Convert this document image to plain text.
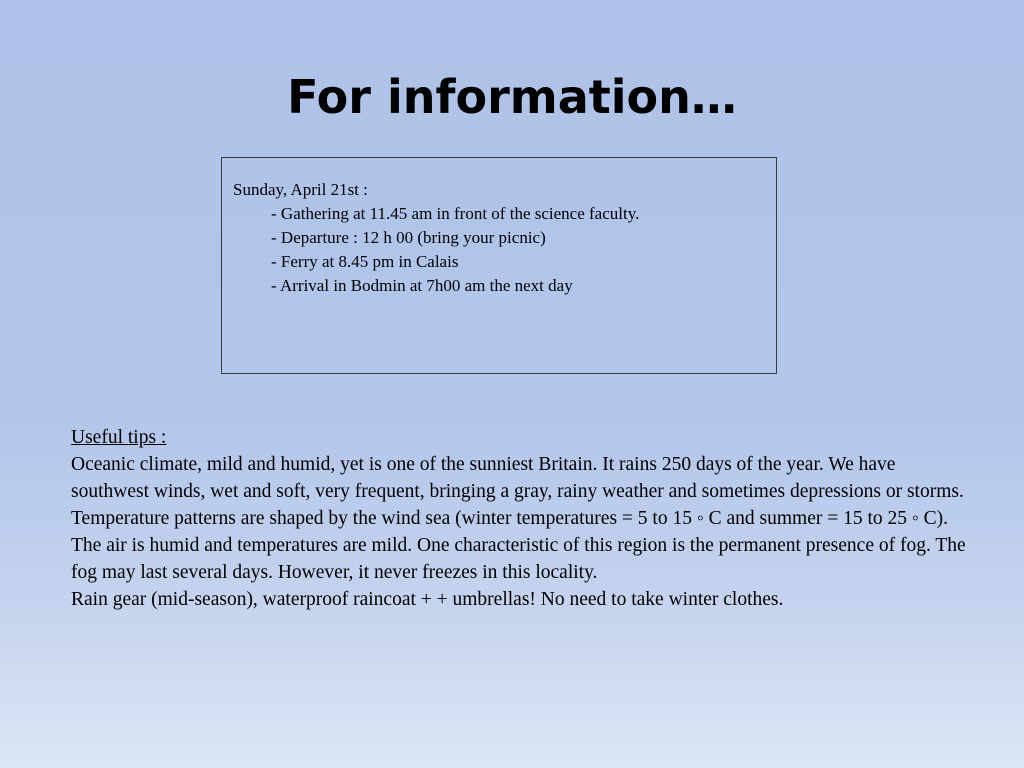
For information…
Sunday, April 21st :
- Gathering at 11.45 am in front of the science faculty.
- Departure : 12 h 00 (bring your picnic)
- Ferry at 8.45 pm in Calais
- Arrival in Bodmin at 7h00 am the next day
Useful tips :

Oceanic climate, mild and humid, yet is one of the sunniest Britain. It rains 250 days of the year. We have southwest winds, wet and soft, very frequent, bringing a gray, rainy weather and sometimes depressions or storms. Temperature patterns are shaped by the wind sea (winter temperatures = 5 to 15 ◦ C and summer = 15 to 25 ◦ C). The air is humid and temperatures are mild. One characteristic of this region is the permanent presence of fog. The fog may last several days. However, it never freezes in this locality.

Rain gear (mid-season), waterproof raincoat + + umbrellas! No need to take winter clothes.
